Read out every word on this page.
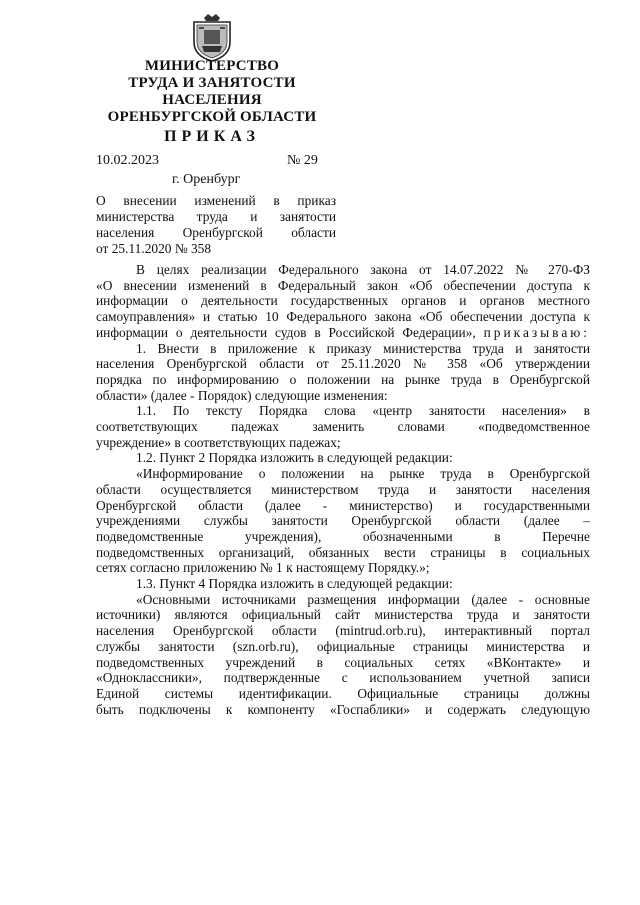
МИНИСТЕРСТВО
ТРУДА И ЗАНЯТОСТИ
НАСЕЛЕНИЯ
ОРЕНБУРГСКОЙ ОБЛАСТИ
ПРИКАЗ
10.02.2023	№ 29
г. Оренбург
О внесении изменений в приказ
министерства труда и занятости
населения Оренбургской области
от 25.11.2020 № 358
В целях реализации Федерального закона от 14.07.2022 № 270-ФЗ
«О внесении изменений в Федеральный закон «Об обеспечении доступа к
информации о деятельности государственных органов и органов местного
самоуправления» и статью 10 Федерального закона «Об обеспечении доступа к
информации о деятельности судов в Российской Федерации», приказываю:
1. Внести в приложение к приказу министерства труда и занятости
населения Оренбургской области от 25.11.2020 № 358 «Об утверждении
порядка по информированию о положении на рынке труда в Оренбургской
области» (далее - Порядок) следующие изменения:
1.1. По тексту Порядка слова «центр занятости населения» в
соответствующих падежах заменить словами «подведомственное
учреждение» в соответствующих падежах;
1.2. Пункт 2 Порядка изложить в следующей редакции:
«Информирование о положении на рынке труда в Оренбургской
области осуществляется министерством труда и занятости населения
Оренбургской области (далее - министерство) и государственными
учреждениями службы занятости Оренбургской области (далее –
подведомственные учреждения), обозначенными в Перечне
подведомственных организаций, обязанных вести страницы в социальных
сетях согласно приложению № 1 к настоящему Порядку.»;
1.3. Пункт 4 Порядка изложить в следующей редакции:
«Основными источниками размещения информации (далее - основные
источники) являются официальный сайт министерства труда и занятости
населения Оренбургской области (mintrud.orb.ru), интерактивный портал
службы занятости (szn.orb.ru), официальные страницы министерства и
подведомственных учреждений в социальных сетях «ВКонтакте» и
«Одноклассники», подтвержденные с использованием учетной записи
Единой системы идентификации. Официальные страницы должны
быть подключены к компоненту «Госпаблики» и содержать следующую
